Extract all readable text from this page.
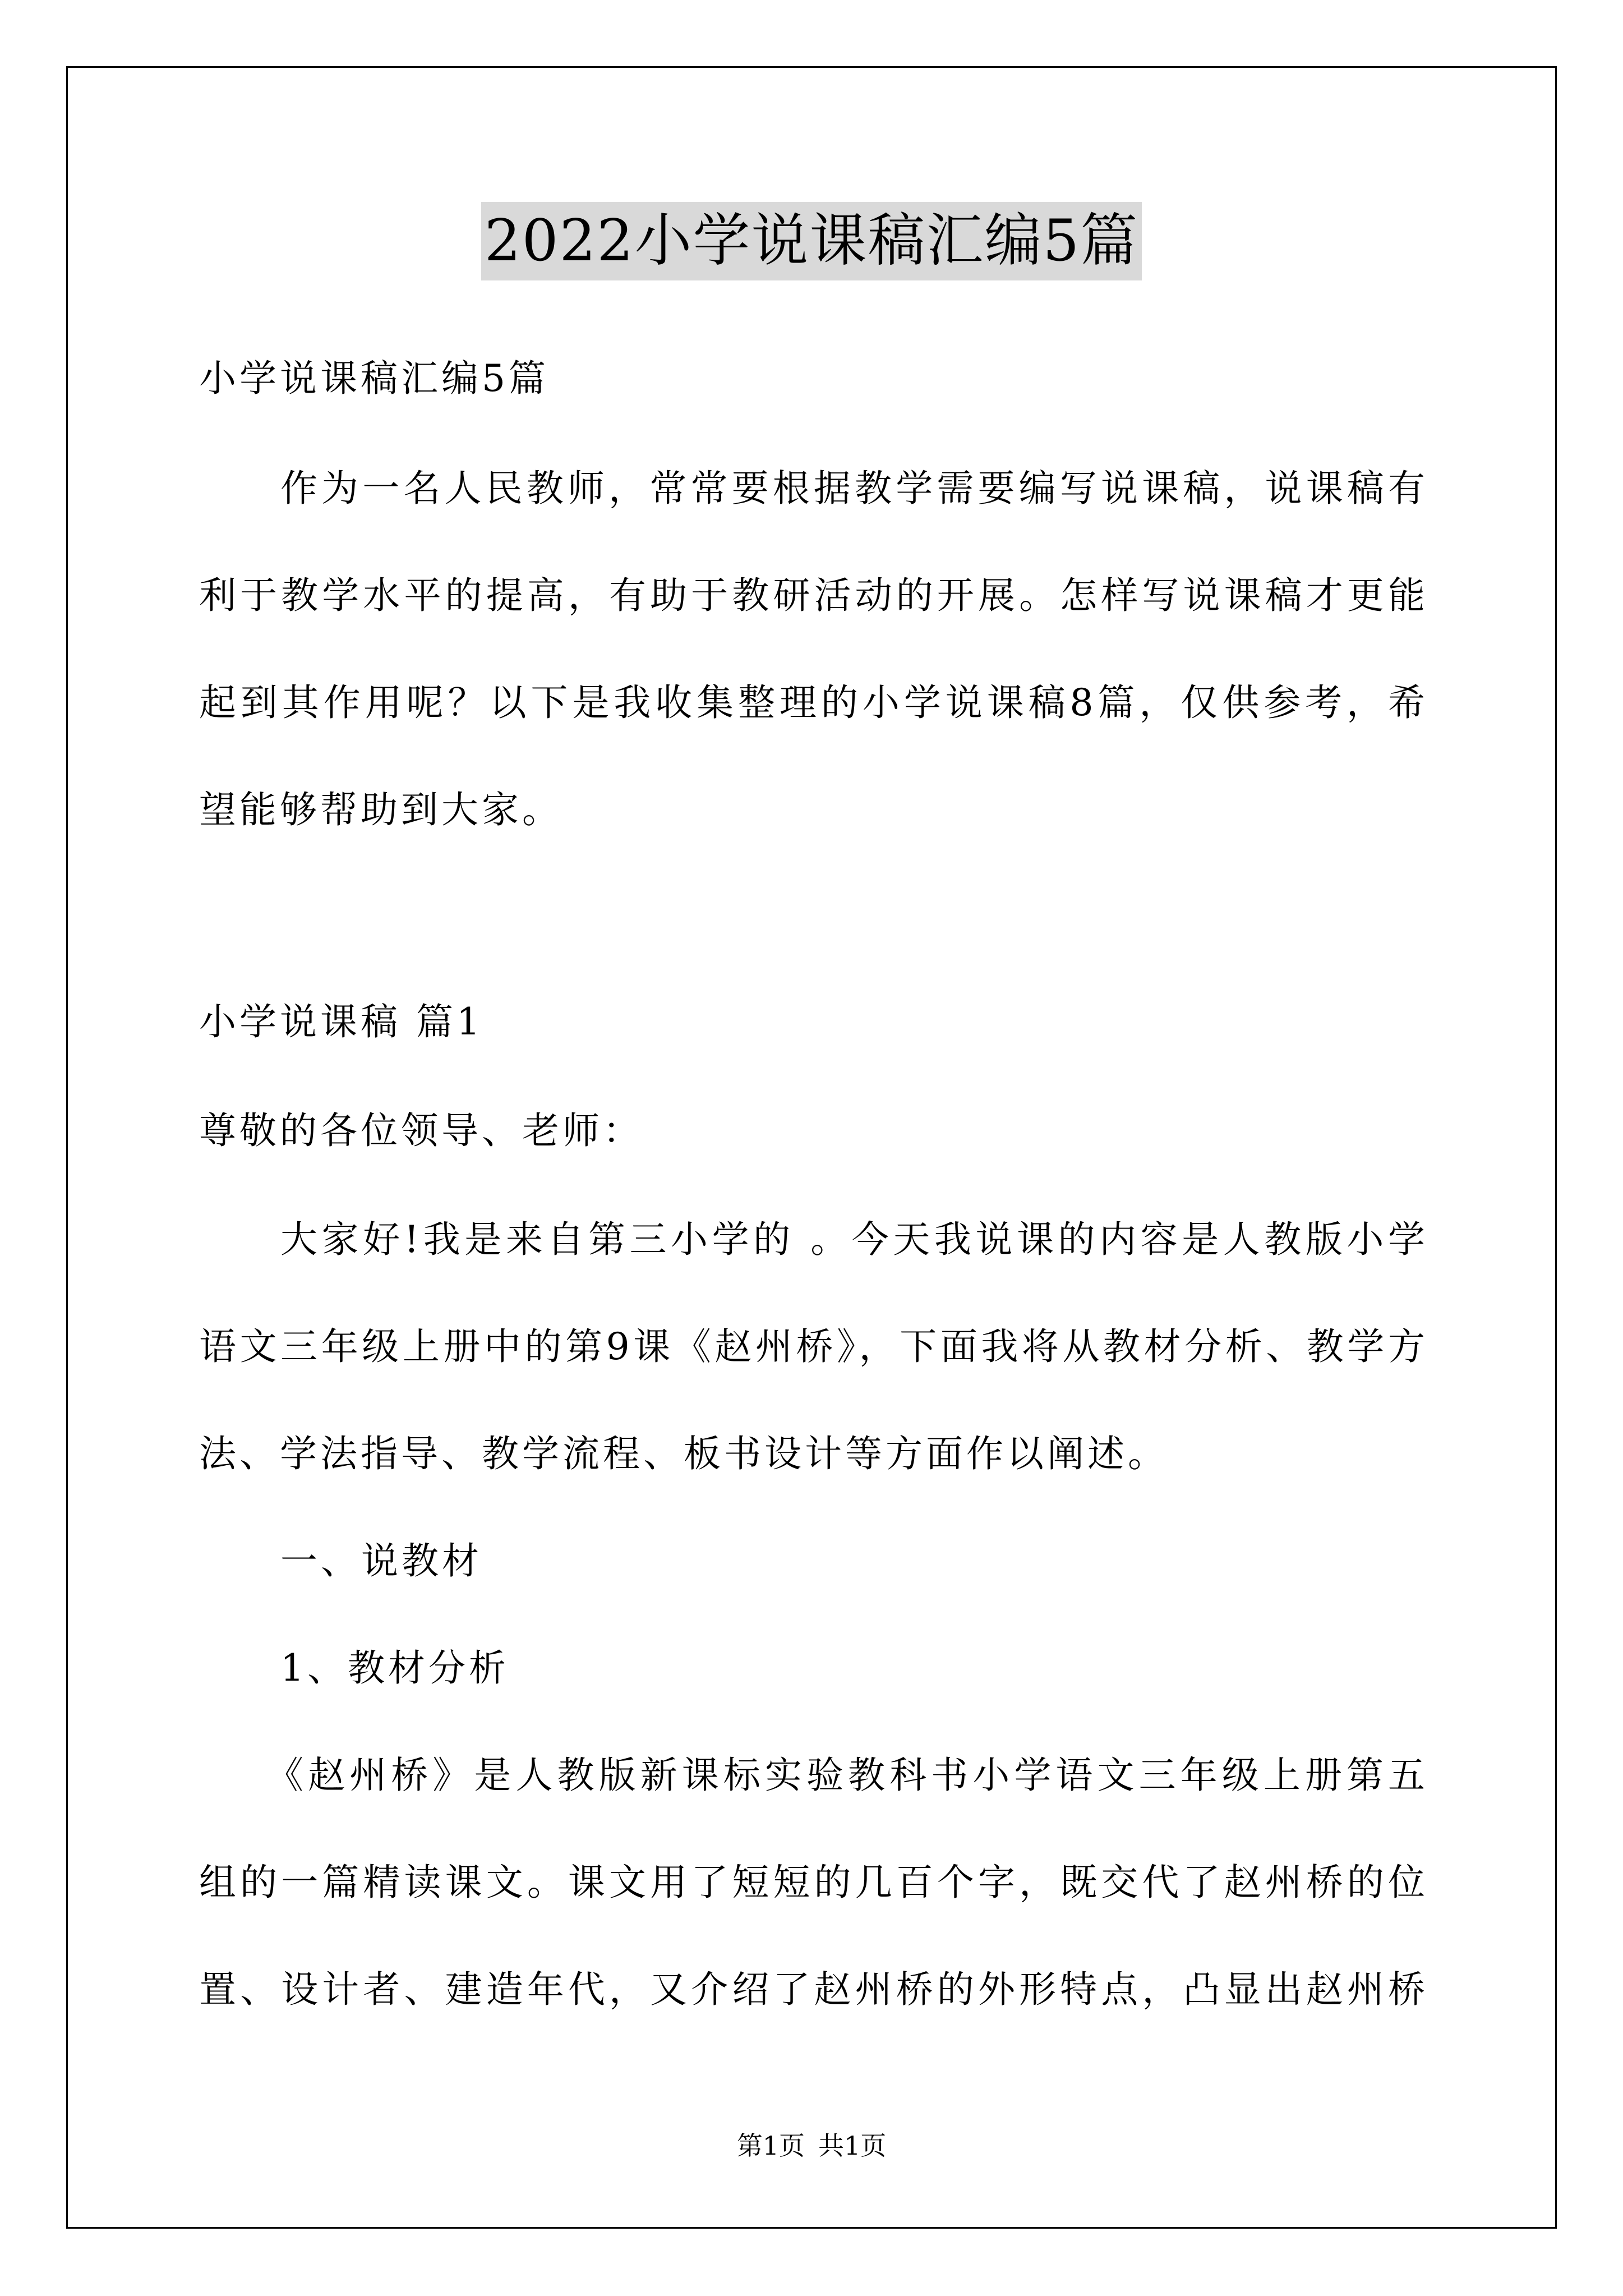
2022小学说课稿汇编5篇
小学说课稿汇编5篇
作为一名人民教师，常常要根据教学需要编写说课稿，说课稿有
利于教学水平的提高，有助于教研活动的开展。怎样写说课稿才更能
起到其作用呢？以下是我收集整理的小学说课稿8篇，仅供参考，希
望能够帮助到大家。
小学说课稿 篇1
尊敬的各位领导、老师：
大家好!我是来自第三小学的 。今天我说课的内容是人教版小学
语文三年级上册中的第9课《赵州桥》，下面我将从教材分析、教学方
法、学法指导、教学流程、板书设计等方面作以阐述。
一、说教材
1、教材分析
《赵州桥》是人教版新课标实验教科书小学语文三年级上册第五
组的一篇精读课文。课文用了短短的几百个字，既交代了赵州桥的位
置、设计者、建造年代，又介绍了赵州桥的外形特点，凸显出赵州桥
第1页 共1页
